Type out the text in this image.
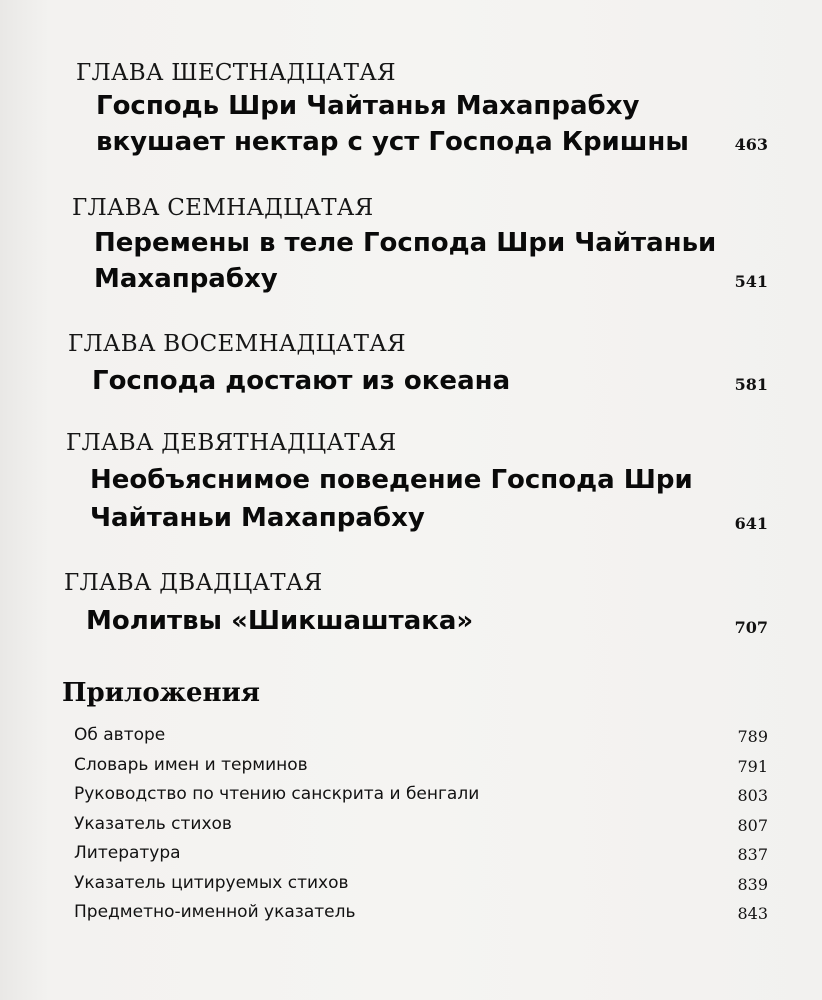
ГЛАВА ШЕСТНАДЦАТАЯ
Господь Шри Чайтанья Махапрабху
вкушает нектар с уст Господа Кришны	463
ГЛАВА СЕМНАДЦАТАЯ
Перемены в теле Господа Шри Чайтаньи
Махапрабху	541
ГЛАВА ВОСЕМНАДЦАТАЯ
Господа достают из океана	581
ГЛАВА ДЕВЯТНАДЦАТАЯ
Необъяснимое поведение Господа Шри
Чайтаньи Махапрабху	641
ГЛАВА ДВАДЦАТАЯ
Молитвы «Шикшаштака»	707
Приложения
Об авторе	789
Словарь имен и терминов	791
Руководство по чтению санскрита и бенгали	803
Указатель стихов	807
Литература	837
Указатель цитируемых стихов	839
Предметно-именной указатель	843
